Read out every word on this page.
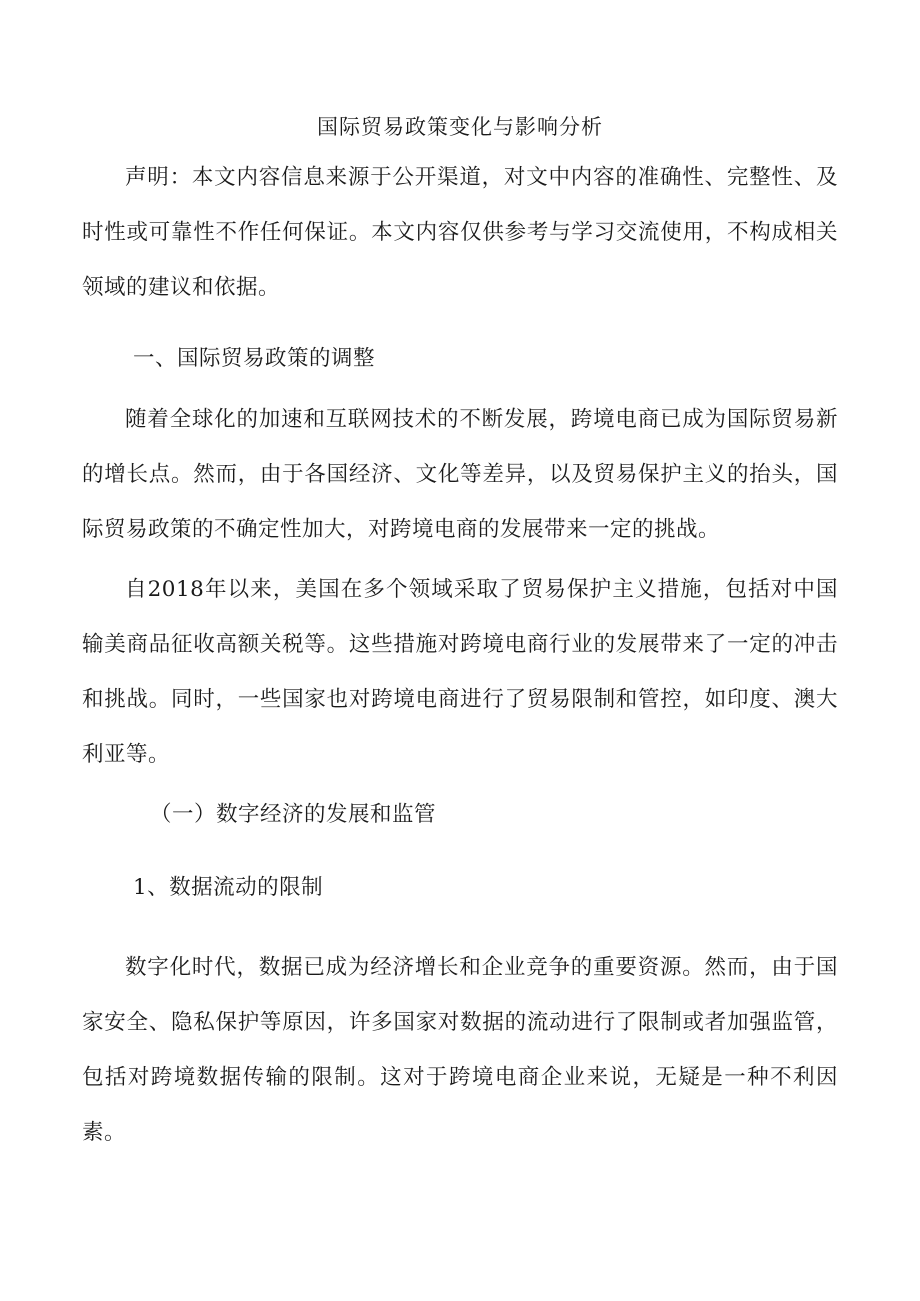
国际贸易政策变化与影响分析

声明：本文内容信息来源于公开渠道，对文中内容的准确性、完整性、及时性或可靠性不作任何保证。本文内容仅供参考与学习交流使用，不构成相关领域的建议和依据。

一、国际贸易政策的调整

随着全球化的加速和互联网技术的不断发展，跨境电商已成为国际贸易新的增长点。然而，由于各国经济、文化等差异，以及贸易保护主义的抬头，国际贸易政策的不确定性加大，对跨境电商的发展带来一定的挑战。

自2018年以来，美国在多个领域采取了贸易保护主义措施，包括对中国输美商品征收高额关税等。这些措施对跨境电商行业的发展带来了一定的冲击和挑战。同时，一些国家也对跨境电商进行了贸易限制和管控，如印度、澳大利亚等。

（一）数字经济的发展和监管

1、数据流动的限制

数字化时代，数据已成为经济增长和企业竞争的重要资源。然而，由于国家安全、隐私保护等原因，许多国家对数据的流动进行了限制或者加强监管，包括对跨境数据传输的限制。这对于跨境电商企业来说，无疑是一种不利因素。
